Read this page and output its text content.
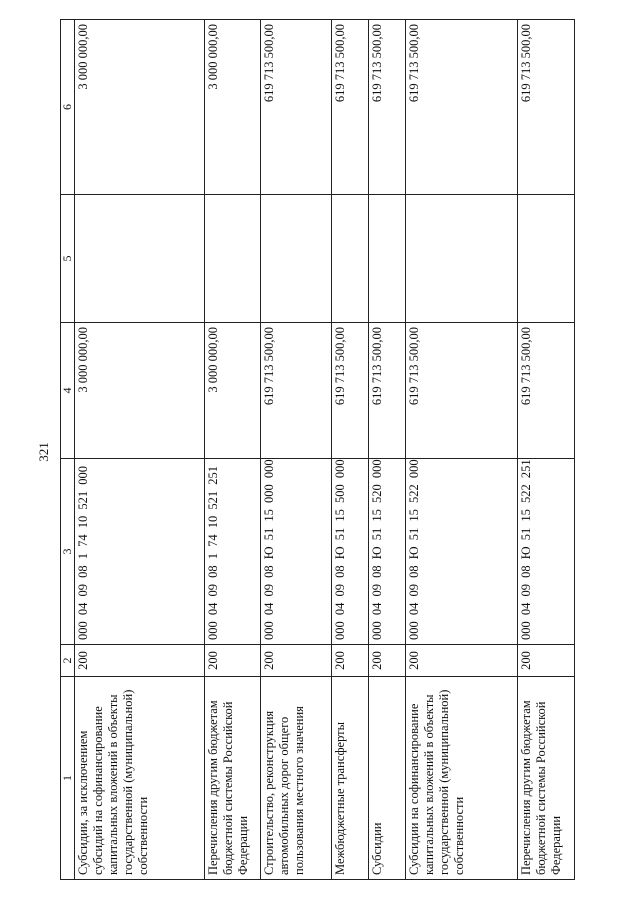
321
1	2	3	4	5	6
Субсидии, за исключением субсидий на софинансирование капитальных вложений в объекты государственной (муниципальной) собственности	200	000 04 09 08 1 74 10 521 000	3 000 000,00		3 000 000,00
Перечисления другим бюджетам бюджетной системы Российской Федерации	200	000 04 09 08 1 74 10 521 251	3 000 000,00		3 000 000,00
Строительство, реконструкция автомобильных дорог общего пользования местного значения	200	000 04 09 08 Ю 51 15 000 000	619 713 500,00		619 713 500,00
Межбюджетные трансферты	200	000 04 09 08 Ю 51 15 500 000	619 713 500,00		619 713 500,00
Субсидии	200	000 04 09 08 Ю 51 15 520 000	619 713 500,00		619 713 500,00
Субсидии на софинансирование капитальных вложений в объекты государственной (муниципальной) собственности	200	000 04 09 08 Ю 51 15 522 000	619 713 500,00		619 713 500,00
Перечисления другим бюджетам бюджетной системы Российской Федерации	200	000 04 09 08 Ю 51 15 522 251	619 713 500,00		619 713 500,00
